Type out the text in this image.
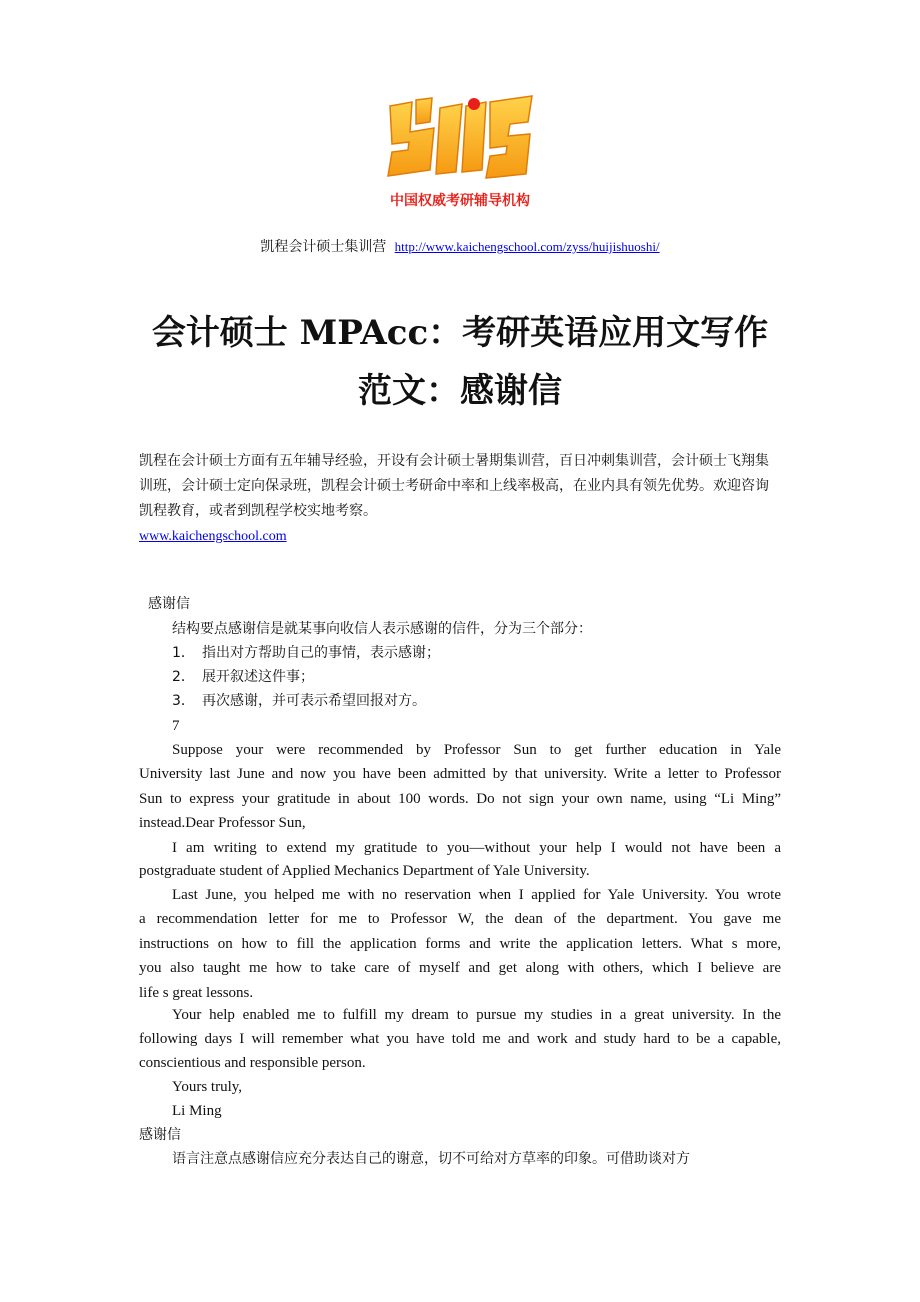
中国权威考研辅导机构
凯程会计硕士集训营 http://www.kaichengschool.com/zyss/huijishuoshi/
会计硕士 MPAcc：考研英语应用文写作
范文：感谢信
凯程在会计硕士方面有五年辅导经验，开设有会计硕士暑期集训营，百日冲刺集训营，会计硕士飞翔集训班，会计硕士定向保录班，凯程会计硕士考研命中率和上线率极高，在业内具有领先优势。欢迎咨询凯程教育，或者到凯程学校实地考察。
www.kaichengschool.com
感谢信
结构要点感谢信是就某事向收信人表示感谢的信件，分为三个部分：
1． 指出对方帮助自己的事情，表示感谢；
2． 展开叙述这件事；
3． 再次感谢，并可表示希望回报对方。
7
Suppose your were recommended by Professor Sun to get further education in Yale
University last June and now you have been admitted by that university. Write a letter to Professor
Sun to express your gratitude in about 100 words. Do not sign your own name, using “Li Ming”
instead.Dear Professor Sun,
I am writing to extend my gratitude to you—without your help I would not have been a
postgraduate student of Applied Mechanics Department of Yale University.
Last June, you helped me with no reservation when I applied for Yale University. You wrote
a recommendation letter for me to Professor W, the dean of the department. You gave me
instructions on how to fill the application forms and write the application letters. What s more,
you also taught me how to take care of myself and get along with others, which I believe are
life s great lessons.
Your help enabled me to fulfill my dream to pursue my studies in a great university. In the
following days I will remember what you have told me and work and study hard to be a capable,
conscientious and responsible person.
Yours truly,
Li Ming
感谢信
语言注意点感谢信应充分表达自己的谢意，切不可给对方草率的印象。可借助谈对方
